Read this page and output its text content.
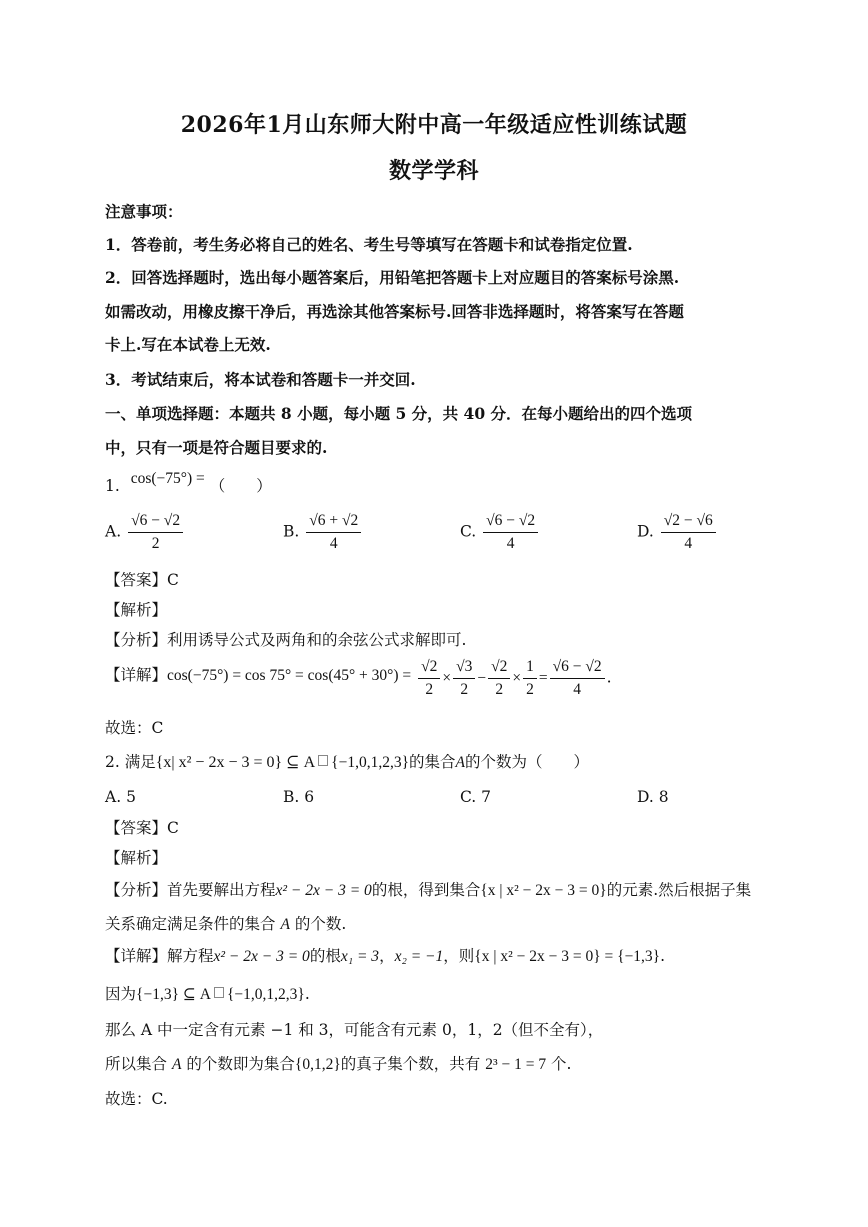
2026年1月山东师大附中高一年级适应性训练试题
数学学科
注意事项：
1．答卷前，考生务必将自己的姓名、考生号等填写在答题卡和试卷指定位置.
2．回答选择题时，选出每小题答案后，用铅笔把答题卡上对应题目的答案标号涂黑.
如需改动，用橡皮擦干净后，再选涂其他答案标号.回答非选择题时，将答案写在答题
卡上.写在本试卷上无效.
3．考试结束后，将本试卷和答题卡一并交回.
一、单项选择题：本题共 8 小题，每小题 5 分，共 40 分．在每小题给出的四个选项
中，只有一项是符合题目要求的.
1. cos(−75°) = （　　）
A. $\frac{√6 - √2}{2}$	B. $\frac{√6 + √2}{4}$	C. $\frac{√6 - √2}{4}$	D. $\frac{√2 - √6}{4}$
【答案】C
【解析】
【分析】利用诱导公式及两角和的余弦公式求解即可.
【详解】$\cos(-75^\circ) = \cos 75^\circ = \cos(45^\circ + 30^\circ) = \frac{√2}{2} \times \frac{√3}{2} - \frac{√2}{2} \times \frac{1}{2} = \frac{√6 - √2}{4}$ .
故选：C
2. 满足{x| x² − 2x − 3 = 0} ⊆ A {−1,0,1,2,3}的集合A的个数为（　　）
A. 5	B. 6	C. 7	D. 8
【答案】C
【解析】
【分析】首先要解出方程x² − 2x − 3 = 0的根，得到集合{x | x² − 2x − 3 = 0}的元素.然后根据子集
关系确定满足条件的集合 A 的个数.
【详解】解方程x² − 2x − 3 = 0的根x₁ = 3，x₂ = −1，则{x | x² − 2x − 3 = 0} = {−1,3}.
因为{−1,3} ⊆ A {−1,0,1,2,3}.
那么 A 中一定含有元素 −1 和 3，可能含有元素 0，1，2（但不全有），
所以集合 A 的个数即为集合{0,1,2}的真子集个数，共有 2³ − 1 = 7 个.
故选：C.
